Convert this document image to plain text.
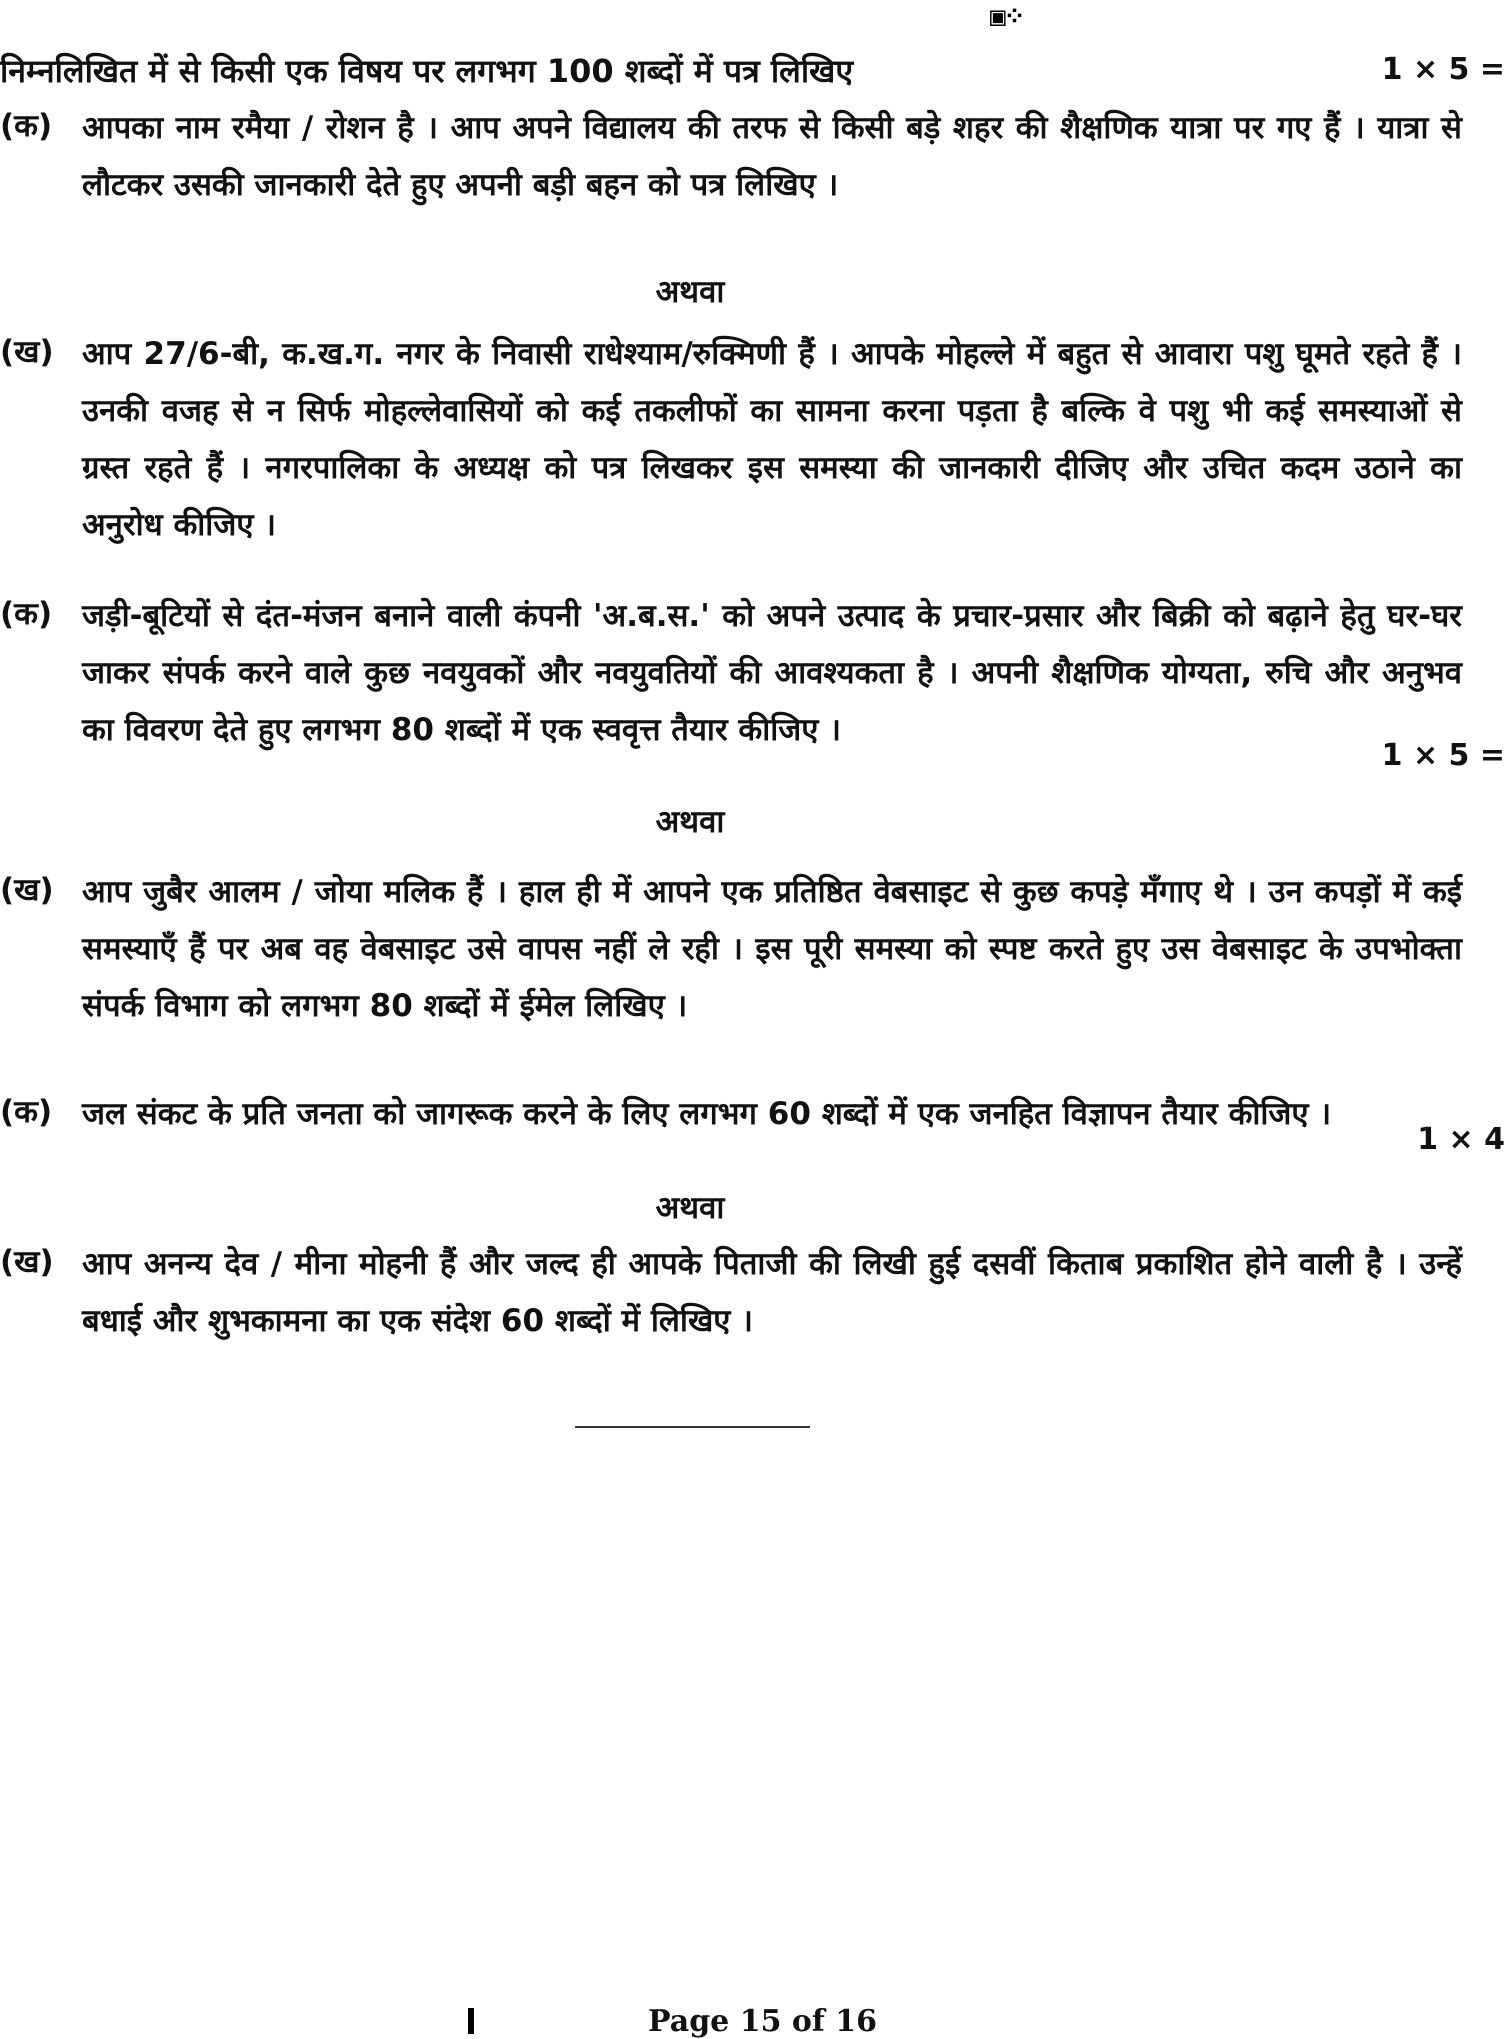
▣⁘
निम्नलिखित में से किसी एक विषय पर लगभग 100 शब्दों में पत्र लिखिए	1 × 5 =
(क) आपका नाम रमैया / रोशन है । आप अपने विद्यालय की तरफ से किसी बड़े शहर की शैक्षणिक यात्रा पर गए हैं । यात्रा से लौटकर उसकी जानकारी देते हुए अपनी बड़ी बहन को पत्र लिखिए ।
अथवा
(ख) आप 27/6-बी, क.ख.ग. नगर के निवासी राधेश्याम/रुक्मिणी हैं । आपके मोहल्ले में बहुत से आवारा पशु घूमते रहते हैं । उनकी वजह से न सिर्फ मोहल्लेवासियों को कई तकलीफों का सामना करना पड़ता है बल्कि वे पशु भी कई समस्याओं से ग्रस्त रहते हैं । नगरपालिका के अध्यक्ष को पत्र लिखकर इस समस्या की जानकारी दीजिए और उचित कदम उठाने का अनुरोध कीजिए ।
(क) जड़ी-बूटियों से दंत-मंजन बनाने वाली कंपनी 'अ.ब.स.' को अपने उत्पाद के प्रचार-प्रसार और बिक्री को बढ़ाने हेतु घर-घर जाकर संपर्क करने वाले कुछ नवयुवकों और नवयुवतियों की आवश्यकता है । अपनी शैक्षणिक योग्यता, रुचि और अनुभव का विवरण देते हुए लगभग 80 शब्दों में एक स्ववृत्त तैयार कीजिए ।
1 × 5 =
अथवा
(ख) आप जुबैर आलम / जोया मलिक हैं । हाल ही में आपने एक प्रतिष्ठित वेबसाइट से कुछ कपड़े मँगाए थे । उन कपड़ों में कई समस्याएँ हैं पर अब वह वेबसाइट उसे वापस नहीं ले रही । इस पूरी समस्या को स्पष्ट करते हुए उस वेबसाइट के उपभोक्ता संपर्क विभाग को लगभग 80 शब्दों में ईमेल लिखिए ।
(क) जल संकट के प्रति जनता को जागरूक करने के लिए लगभग 60 शब्दों में एक जनहित विज्ञापन तैयार कीजिए ।
1 × 4
अथवा
(ख) आप अनन्य देव / मीना मोहनी हैं और जल्द ही आपके पिताजी की लिखी हुई दसवीं किताब प्रकाशित होने वाली है । उन्हें बधाई और शुभकामना का एक संदेश 60 शब्दों में लिखिए ।
Page 15 of 16
